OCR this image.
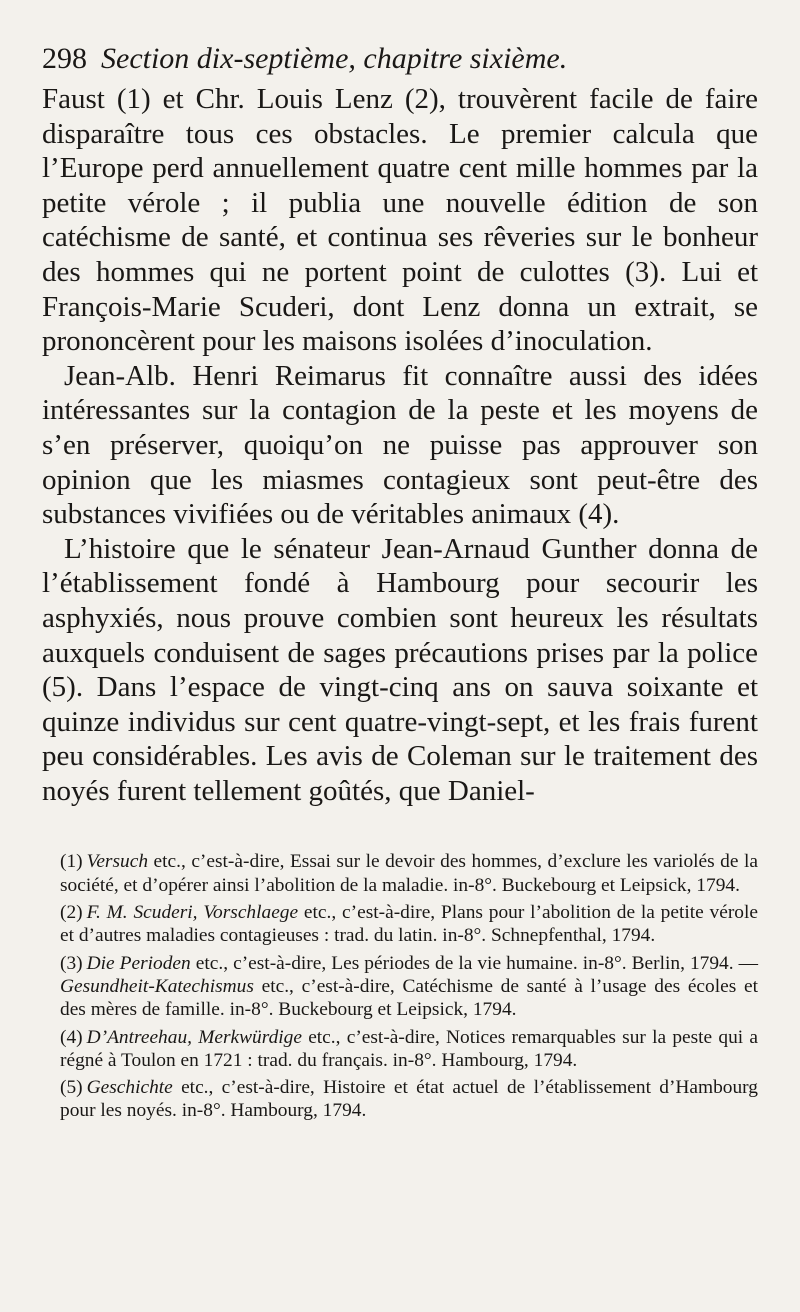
298 Section dix-septième, chapitre sixième.

Faust (1) et Chr. Louis Lenz (2), trouvèrent facile de faire disparaître tous ces obstacles. Le premier calcula que l’Europe perd annuellement quatre cent mille hommes par la petite vérole ; il publia une nouvelle édition de son catéchisme de santé, et continua ses rêveries sur le bonheur des hommes qui ne portent point de culottes (3). Lui et François-Marie Scuderi, dont Lenz donna un extrait, se prononcèrent pour les maisons isolées d’inoculation.

Jean-Alb. Henri Reimarus fit connaître aussi des idées intéressantes sur la contagion de la peste et les moyens de s’en préserver, quoiqu’on ne puisse pas approuver son opinion que les miasmes contagieux sont peut-être des substances vivifiées ou de véritables animaux (4).

L’histoire que le sénateur Jean-Arnaud Gunther donna de l’établissement fondé à Hambourg pour secourir les asphyxiés, nous prouve combien sont heureux les résultats auxquels conduisent de sages précautions prises par la police (5). Dans l’espace de vingt-cinq ans on sauva soixante et quinze individus sur cent quatre-vingt-sept, et les frais furent peu considérables. Les avis de Coleman sur le traitement des noyés furent tellement goûtés, que Daniel-

(1) Versuch etc., c’est-à-dire, Essai sur le devoir des hommes, d’exclure les variolés de la société, et d’opérer ainsi l’abolition de la maladie. in-8°. Buckebourg et Leipsick, 1794.

(2) F. M. Scuderi, Vorschlaege etc., c’est-à-dire, Plans pour l’abolition de la petite vérole et d’autres maladies contagieuses : trad. du latin. in-8°. Schnepfenthal, 1794.

(3) Die Perioden etc., c’est-à-dire, Les périodes de la vie humaine. in-8°. Berlin, 1794. — Gesundheit-Katechismus etc., c’est-à-dire, Catéchisme de santé à l’usage des écoles et des mères de famille. in-8°. Buckebourg et Leipsick, 1794.

(4) D’Antreehau, Merkwürdige etc., c’est-à-dire, Notices remarquables sur la peste qui a régné à Toulon en 1721 : trad. du français. in-8°. Hambourg, 1794.

(5) Geschichte etc., c’est-à-dire, Histoire et état actuel de l’établissement d’Hambourg pour les noyés. in-8°. Hambourg, 1794.
